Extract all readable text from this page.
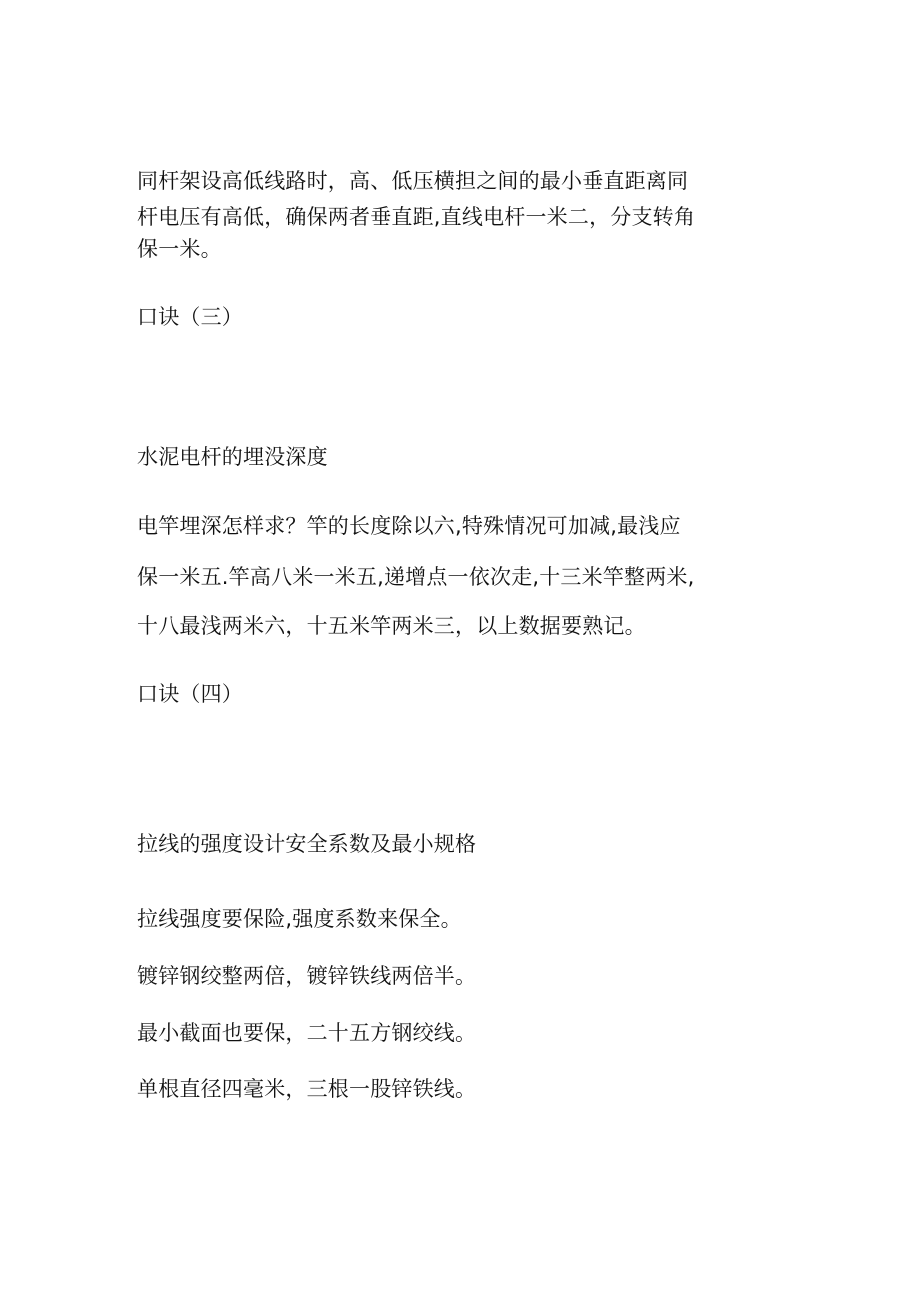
同杆架设高低线路时，高、低压横担之间的最小垂直距离同
杆电压有高低，确保两者垂直距,直线电杆一米二，分支转角
保一米。
口诀（三）
水泥电杆的埋没深度
电竿埋深怎样求？竿的长度除以六,特殊情况可加减,最浅应
保一米五.竿高八米一米五,递增点一依次走,十三米竿整两米,
十八最浅两米六，十五米竿两米三，以上数据要熟记。
口诀（四）
拉线的强度设计安全系数及最小规格
拉线强度要保险,强度系数来保全。
镀锌钢绞整两倍，镀锌铁线两倍半。
最小截面也要保，二十五方钢绞线。
单根直径四毫米，三根一股锌铁线。
